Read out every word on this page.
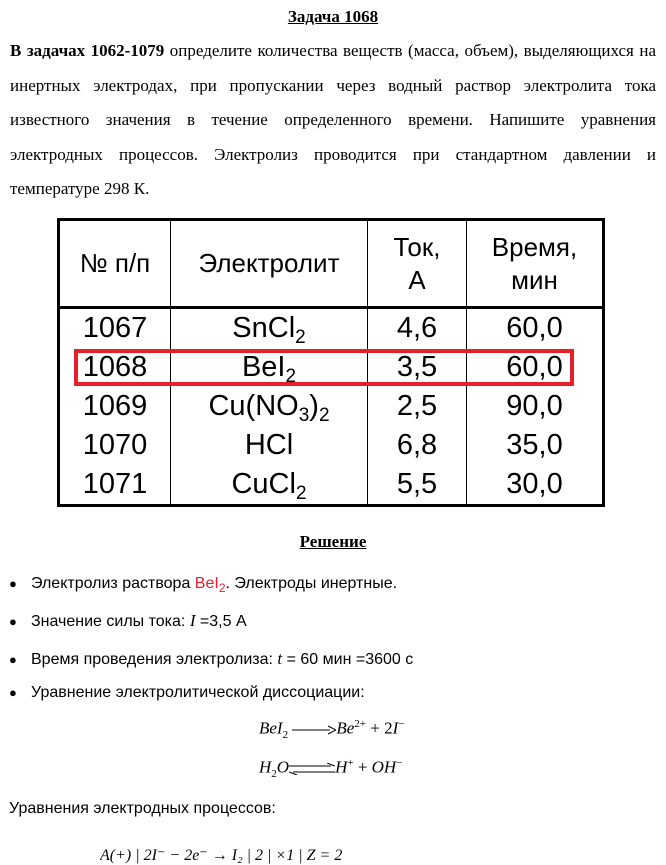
Задача 1068
В задачах 1062-1079 определите количества веществ (масса, объем), выделяющихся на инертных электродах, при пропускании через водный раствор электролита тока известного значения в течение определенного времени. Напишите уравнения электродных процессов. Электролиз проводится при стандартном давлении и температуре 298 К.
№ п/п	Электролит	Ток, А	Время, мин
1067	SnCl$_2$	4,6	60,0
1068	BeI$_2$	3,5	60,0
1069	$Cu(NO_3)_2$	2,5	90,0
1070	HCl	6,8	35,0
1071	CuCl$_2$	5,5	30,0
Решение
● Электролиз раствора BeI$_2$. Электроды инертные.
● Значение силы тока: I =3,5 А
● Время проведения электролиза: t = 60 мин =3600 с
● Уравнение электролитической диссоциации:
BeI$_2$	$Be^{2+} + 2I^-$
$H_2O\rightleftharpoons H^+ + OH^-$
Уравнения электродных процессов:
A(+) | 2I⁻ − 2e⁻ → I₂ | 2 | ×1 | Z = 2
